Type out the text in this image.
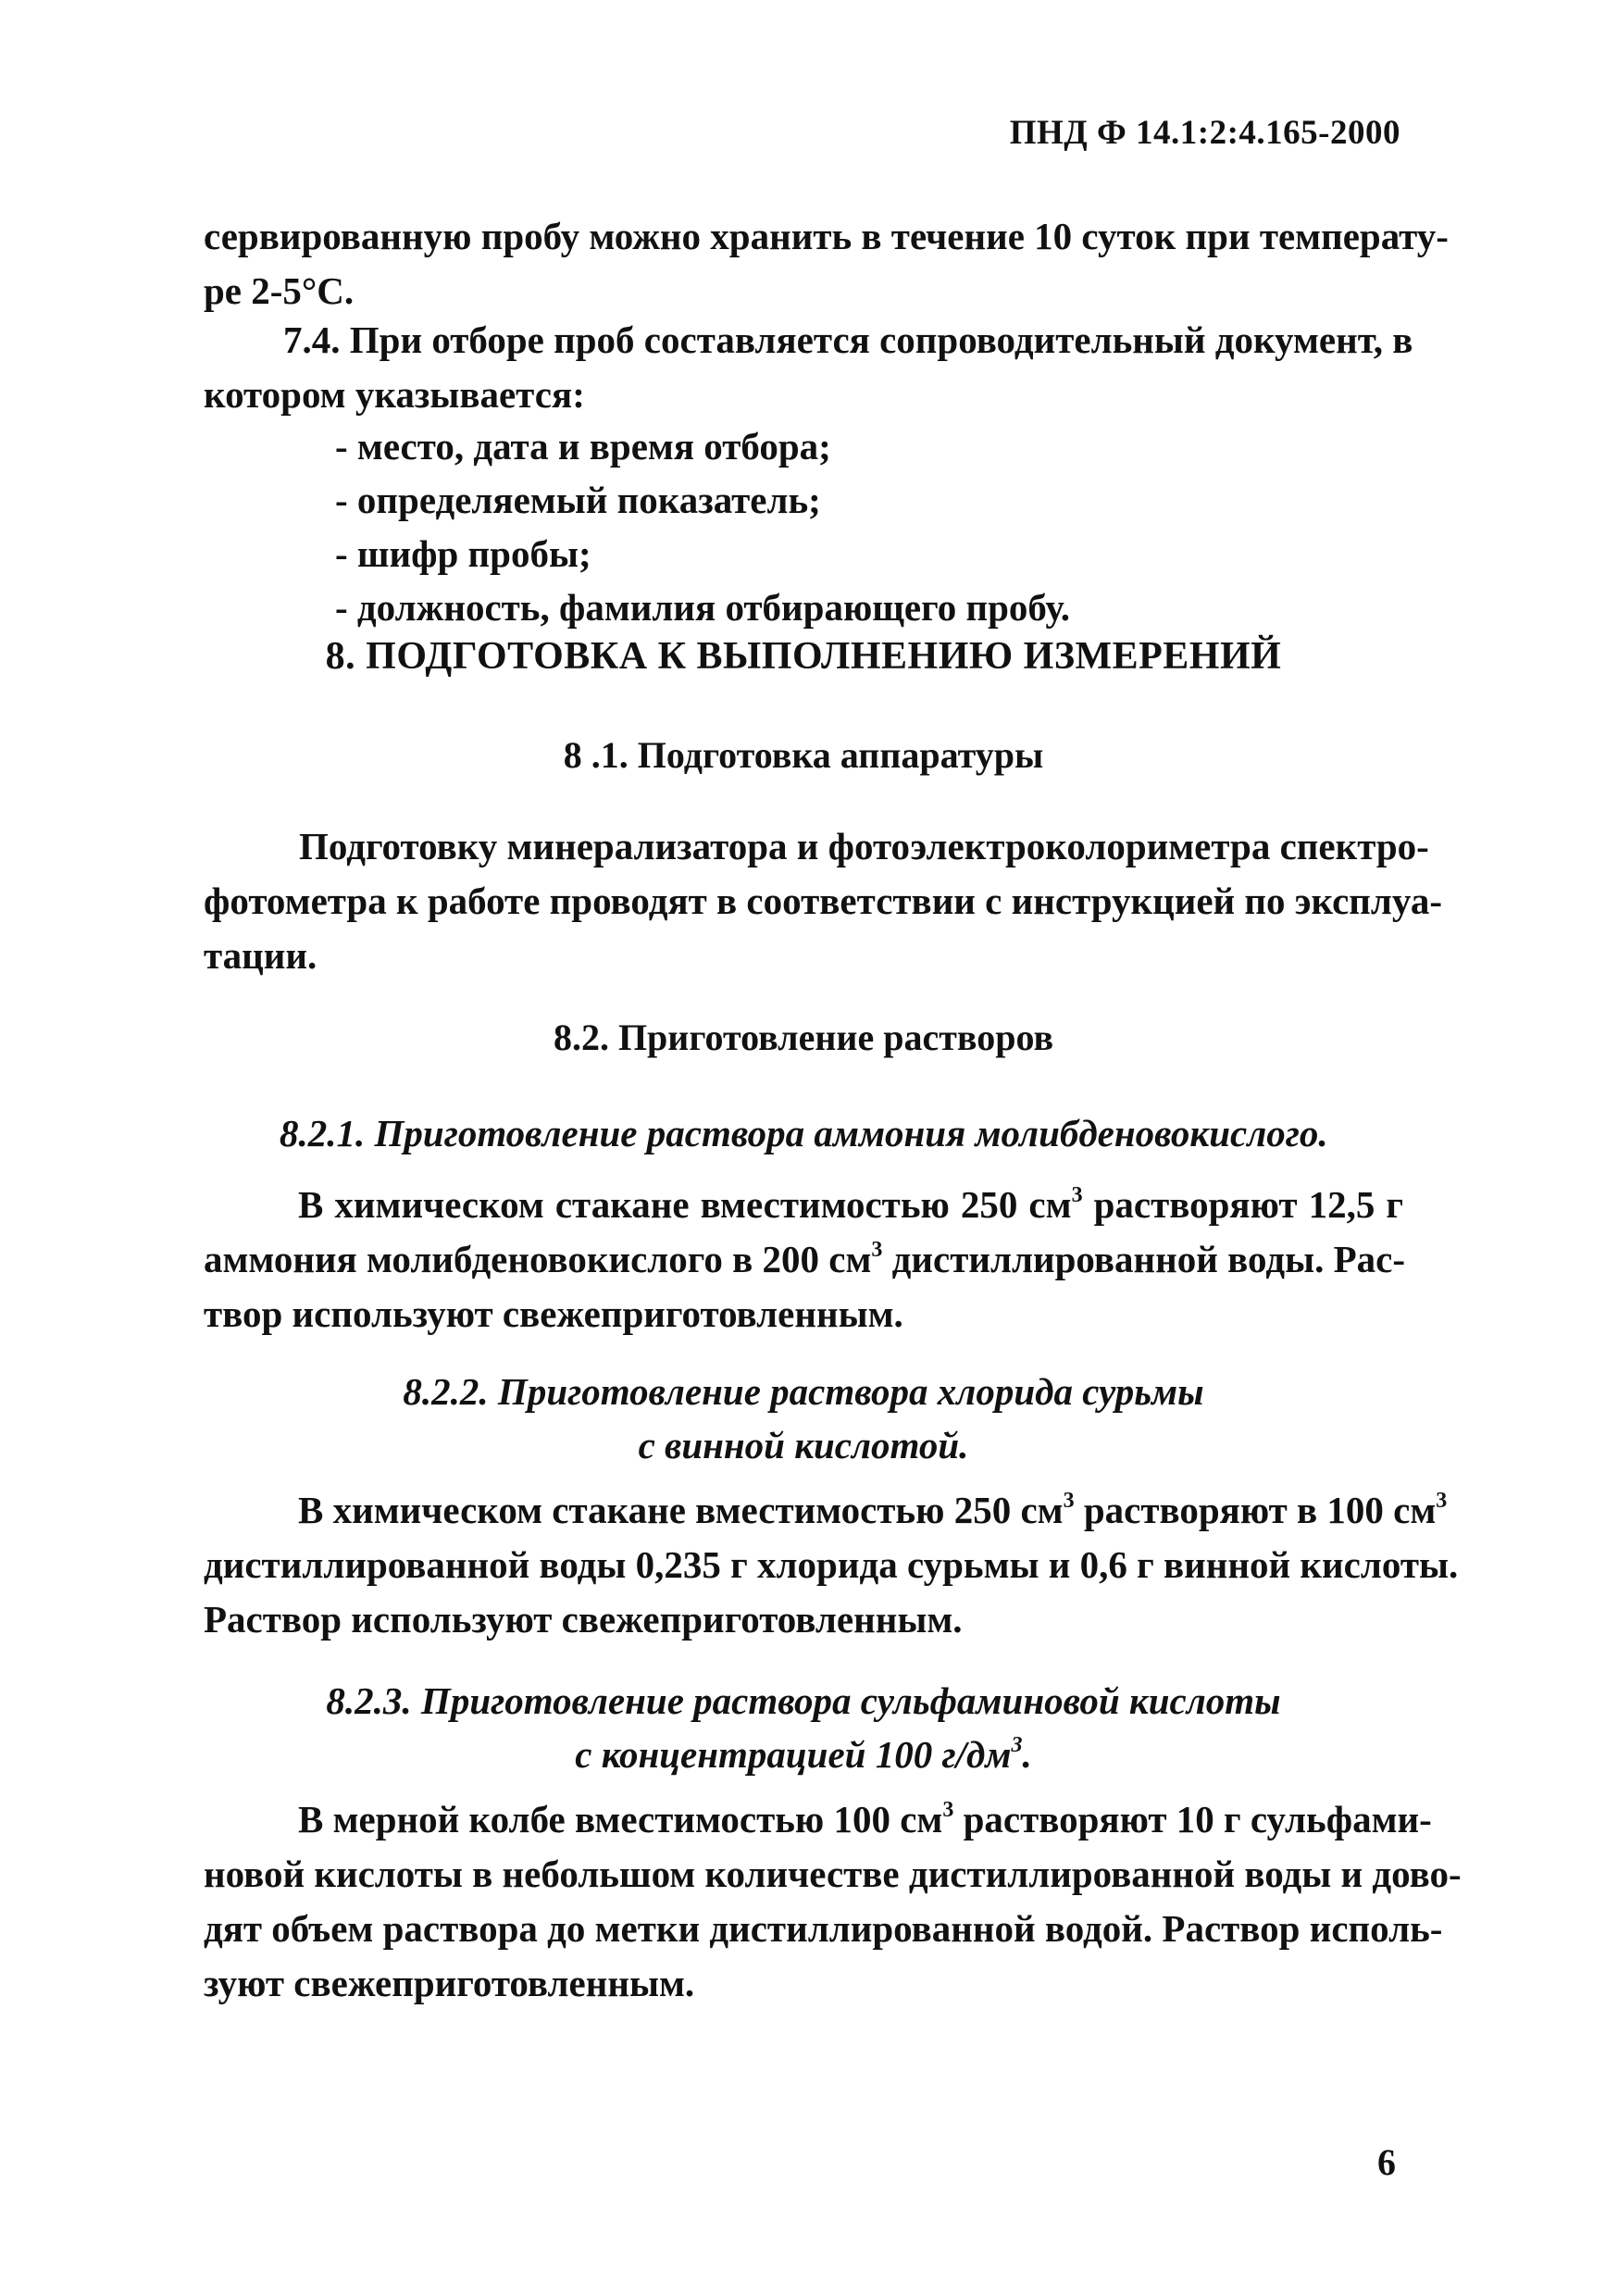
ПНД Ф 14.1:2:4.165-2000
сервированную пробу можно хранить в течение 10 суток при температу-
ре 2-5°С.
7.4. При отборе проб составляется сопроводительный документ, в
котором указывается:
- место, дата и время отбора;
- определяемый показатель;
- шифр пробы;
- должность, фамилия отбирающего пробу.
8. ПОДГОТОВКА К ВЫПОЛНЕНИЮ ИЗМЕРЕНИЙ
8 .1. Подготовка аппаратуры
Подготовку минерализатора и фотоэлектроколориметра спектро-
фотометра к работе проводят в соответствии с инструкцией по эксплуа-
тации.
8.2. Приготовление растворов
8.2.1. Приготовление раствора аммония молибденовокислого.
В химическом стакане вместимостью 250 $см^3$ растворяют 12,5 г
аммония молибденовокислого в 200 $см^3$ дистиллированной воды. Рас-
твор используют свежеприготовленным.
8.2.2. Приготовление раствора хлорида сурьмы
с винной кислотой.
В химическом стакане вместимостью 250 $см^3$ растворяют в 100 $см^3$
дистиллированной воды 0,235 г хлорида сурьмы и 0,6 г винной кислоты.
Раствор используют свежеприготовленным.
8.2.3. Приготовление раствора сульфаминовой кислоты
с концентрацией 100 $г/дм^3$.
В мерной колбе вместимостью 100 $см^3$ растворяют 10 г сульфами-
новой кислоты в небольшом количестве дистиллированной воды и дово-
дят объем раствора до метки дистиллированной водой. Раствор исполь-
зуют свежеприготовленным.
6
